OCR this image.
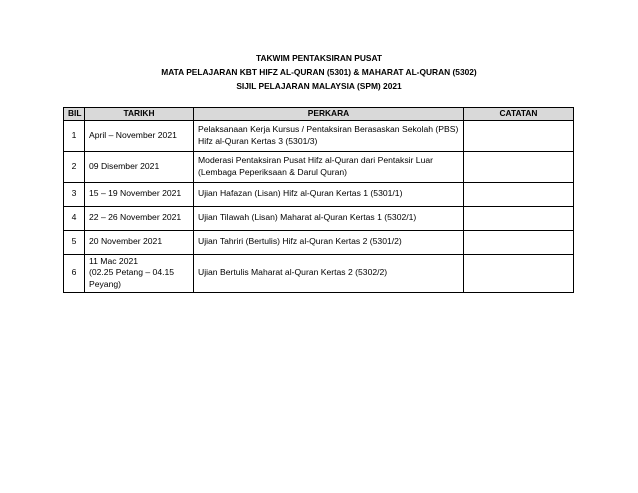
TAKWIM PENTAKSIRAN PUSAT
MATA PELAJARAN KBT HIFZ AL-QURAN (5301) & MAHARAT AL-QURAN (5302)
SIJIL PELAJARAN MALAYSIA (SPM) 2021
BIL	TARIKH	PERKARA	CATATAN
1	April – November 2021	Pelaksanaan Kerja Kursus / Pentaksiran Berasaskan Sekolah (PBS)
Hifz al-Quran Kertas 3 (5301/3)	

2	09 Disember 2021	Moderasi Pentaksiran Pusat Hifz al-Quran dari Pentaksir Luar
(Lembaga Peperiksaan & Darul Quran)	

3	15 – 19 November 2021	Ujian Hafazan (Lisan) Hifz al-Quran Kertas 1 (5301/1)	

4	22 – 26 November 2021	Ujian Tilawah (Lisan) Maharat al-Quran Kertas 1 (5302/1)	

5	20 November 2021	Ujian Tahriri (Bertulis) Hifz al-Quran Kertas 2 (5301/2)	

6	11 Mac 2021
(02.25 Petang – 04.15
Peyang)	Ujian Bertulis Maharat al-Quran Kertas 2 (5302/2)	
